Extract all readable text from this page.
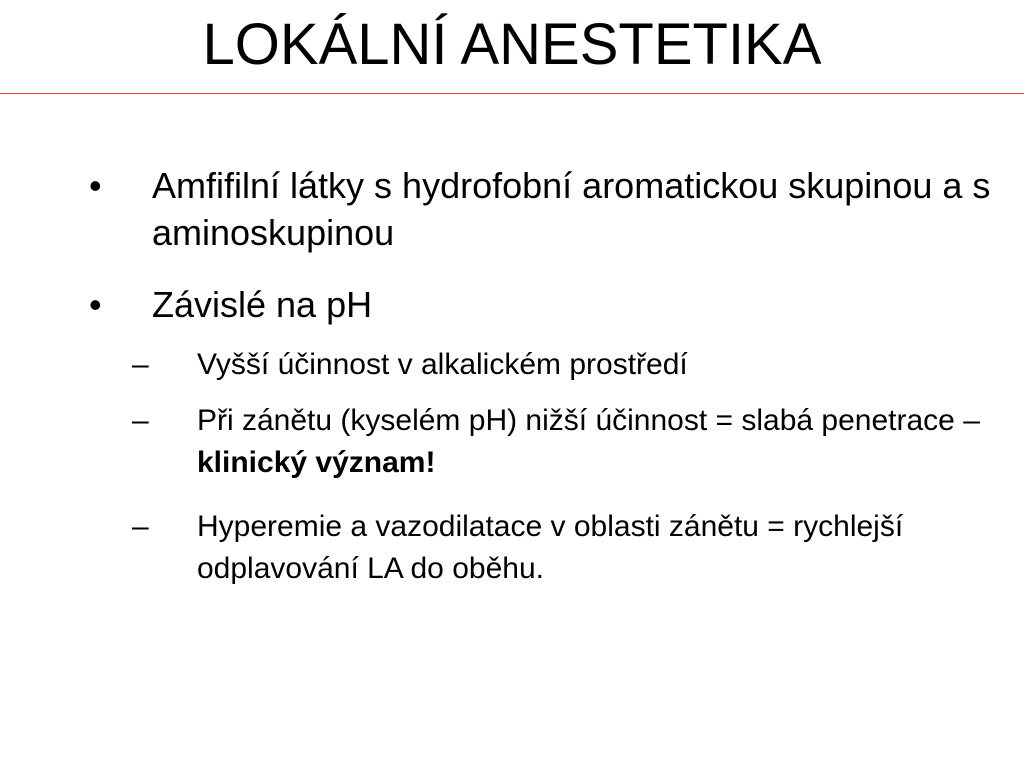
LOKÁLNÍ ANESTETIKA
• Amfifilní látky s hydrofobní aromatickou skupinou a s aminoskupinou
• Závislé na pH
– Vyšší účinnost v alkalickém prostředí
– Při zánětu (kyselém pH) nižší účinnost = slabá penetrace – klinický význam!
– Hyperemie a vazodilatace v oblasti zánětu = rychlejší odplavování LA do oběhu.
